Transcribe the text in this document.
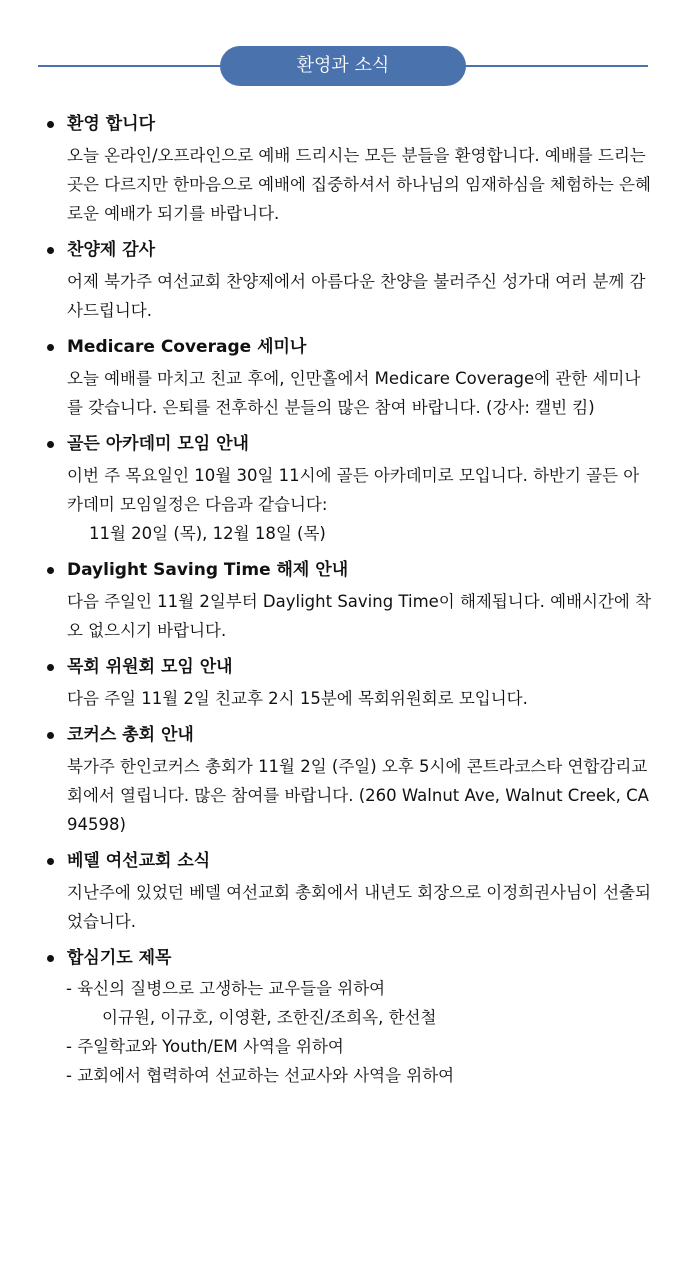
환영과 소식
환영 합니다
오늘 온라인/오프라인으로 예배 드리시는 모든 분들을 환영합니다. 예배를 드리는 곳은 다르지만 한마음으로 예배에 집중하셔서 하나님의 임재하심을 체험하는 은혜로운 예배가 되기를 바랍니다.
찬양제 감사
어제 북가주 여선교회 찬양제에서 아름다운 찬양을 불러주신 성가대 여러 분께 감사드립니다.
Medicare Coverage 세미나
오늘 예배를 마치고 친교 후에, 인만홀에서 Medicare Coverage에 관한 세미나를 갖습니다. 은퇴를 전후하신 분들의 많은 참여 바랍니다. (강사: 캘빈 킴)
골든 아카데미 모임 안내
이번 주 목요일인 10월 30일 11시에 골든 아카데미로 모입니다. 하반기 골든 아카데미 모임일정은 다음과 같습니다:
11월 20일 (목), 12월 18일 (목)
Daylight Saving Time 해제 안내
다음 주일인 11월 2일부터 Daylight Saving Time이 해제됩니다. 예배시간에 착오 없으시기 바랍니다.
목회 위원회 모임 안내
다음 주일 11월 2일 친교후 2시 15분에 목회위원회로 모입니다.
코커스 총회 안내
북가주 한인코커스 총회가 11월 2일 (주일) 오후 5시에 콘트라코스타 연합감리교회에서 열립니다. 많은 참여를 바랍니다. (260 Walnut Ave, Walnut Creek, CA 94598)
베델 여선교회 소식
지난주에 있었던 베델 여선교회 총회에서 내년도 회장으로 이정희권사님이 선출되었습니다.
합심기도 제목
- 육신의 질병으로 고생하는 교우들을 위하여
이규원, 이규호, 이영환, 조한진/조희옥, 한선철
- 주일학교와 Youth/EM 사역을 위하여
- 교회에서 협력하여 선교하는 선교사와 사역을 위하여
